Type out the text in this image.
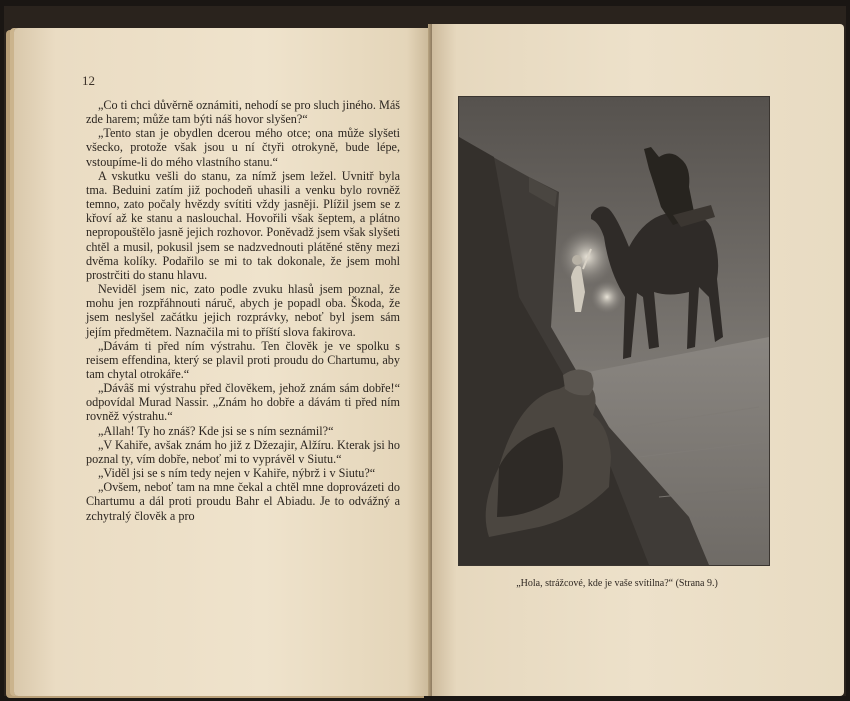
12

„Co ti chci důvěrně oznámiti, nehodí se pro sluch jiného. Máš zde harem; může tam býti náš hovor slyšen?“

„Tento stan je obydlen dcerou mého otce; ona může slyšeti všecko, protože však jsou u ní čtyři otrokyně, bude lépe, vstoupíme-li do mého vlastního stanu.“

A vskutku vešli do stanu, za nímž jsem ležel. Uvnitř byla tma. Beduini zatím již pochodeň uhasili a venku bylo rovněž temno, zato počaly hvězdy svítiti vždy jasněji. Plížil jsem se z křoví až ke stanu a naslouchal. Hovořili však šeptem, a plátno nepropouštělo jasně jejich rozhovor. Poněvadž jsem však slyšeti chtěl a musil, pokusil jsem se nadzvednouti plátěné stěny mezi dvěma kolíky. Podařilo se mi to tak dokonale, že jsem mohl prostrčiti do stanu hlavu.

Neviděl jsem nic, zato podle zvuku hlasů jsem poznal, že mohu jen rozpřáhnouti náruč, abych je popadl oba. Škoda, že jsem neslyšel začátku jejich rozprávky, neboť byl jsem sám jejím předmětem. Naznačila mi to příští slova fakirova.

„Dávám ti před ním výstrahu. Ten člověk je ve spolku s reisem effendina, který se plavil proti proudu do Chartumu, aby tam chytal otrokáře.“

„Dávâš mi výstrahu před člověkem, jehož znám sám dobře!“ odpovídal Murad Nassir. „Znám ho dobře a dávám ti před ním rovněž výstrahu.“

„Allah! Ty ho znáš? Kde jsi se s ním seznámil?“

„V Kahiře, avšak znám ho již z Džezajir, Alžíru. Kterak jsi ho poznal ty, vím dobře, neboť mi to vyprávěl v Siutu.“

„Viděl jsi se s ním tedy nejen v Kahiře, nýbrž i v Siutu?“

„Ovšem, neboť tam na mne čekal a chtěl mne doprovázeti do Chartumu a dál proti proudu Bahr el Abiadu. Je to odvážný a zchytralý člověk a pro

„Hola, strážcové, kde je vaše svítilna?“ (Strana 9.)
